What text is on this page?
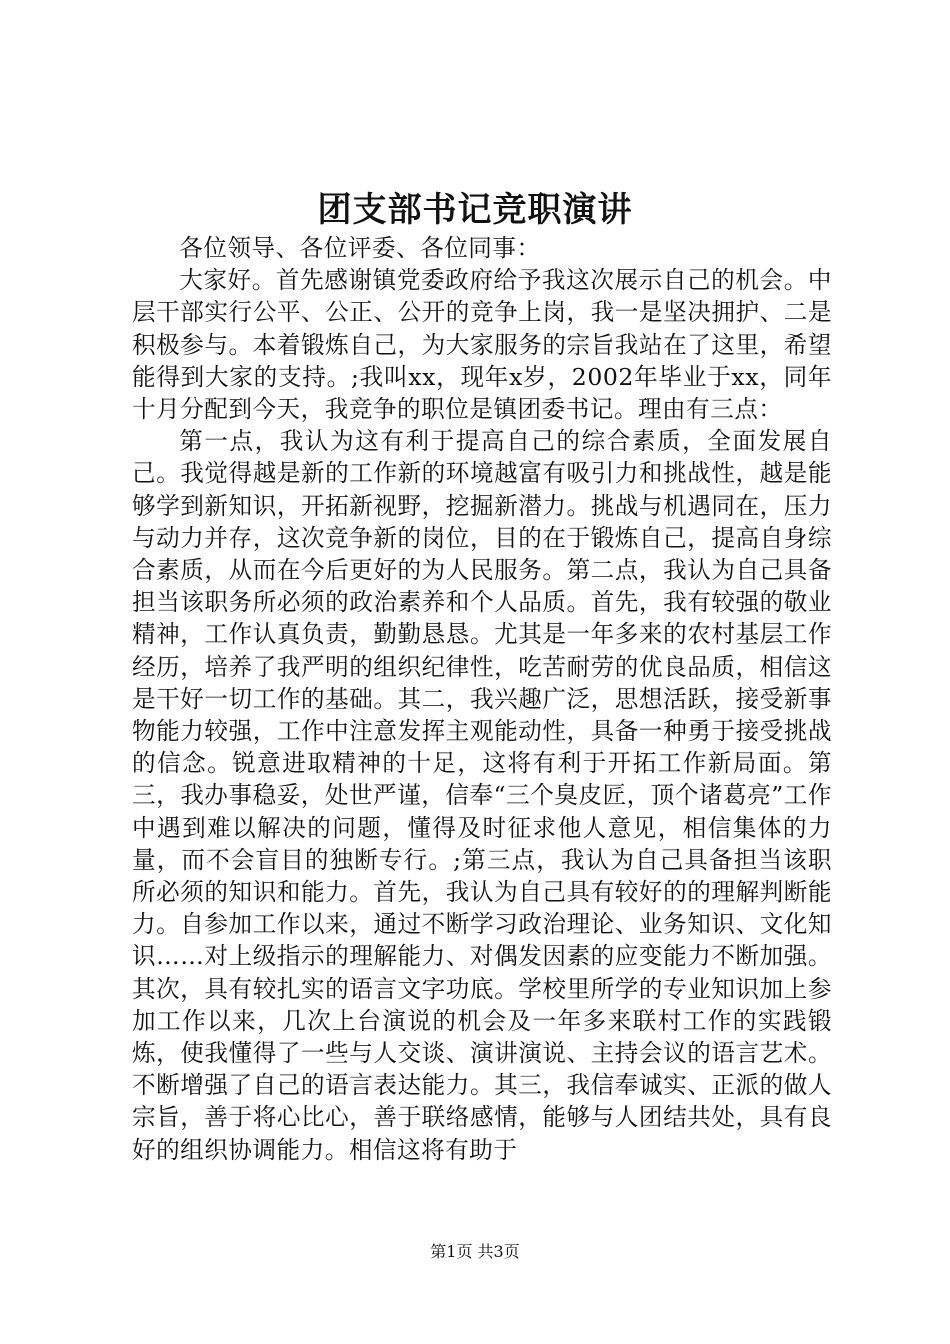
团支部书记竞职演讲

各位领导、各位评委、各位同事：

大家好。首先感谢镇党委政府给予我这次展示自己的机会。中层干部实行公平、公正、公开的竞争上岗，我一是坚决拥护、二是积极参与。本着锻炼自己，为大家服务的宗旨我站在了这里，希望能得到大家的支持。;我叫xx，现年x岁，2002年毕业于xx，同年十月分配到今天，我竞争的职位是镇团委书记。理由有三点：

第一点，我认为这有利于提高自己的综合素质，全面发展自己。我觉得越是新的工作新的环境越富有吸引力和挑战性，越是能够学到新知识，开拓新视野，挖掘新潜力。挑战与机遇同在，压力与动力并存，这次竞争新的岗位，目的在于锻炼自己，提高自身综合素质，从而在今后更好的为人民服务。第二点，我认为自己具备担当该职务所必须的政治素养和个人品质。首先，我有较强的敬业精神，工作认真负责，勤勤恳恳。尤其是一年多来的农村基层工作经历，培养了我严明的组织纪律性，吃苦耐劳的优良品质，相信这是干好一切工作的基础。其二，我兴趣广泛，思想活跃，接受新事物能力较强，工作中注意发挥主观能动性，具备一种勇于接受挑战的信念。锐意进取精神的十足，这将有利于开拓工作新局面。第三，我办事稳妥，处世严谨，信奉“三个臭皮匠，顶个诸葛亮”工作中遇到难以解决的问题，懂得及时征求他人意见，相信集体的力量，而不会盲目的独断专行。;第三点，我认为自己具备担当该职所必须的知识和能力。首先，我认为自己具有较好的的理解判断能力。自参加工作以来，通过不断学习政治理论、业务知识、文化知识……对上级指示的理解能力、对偶发因素的应变能力不断加强。其次，具有较扎实的语言文字功底。学校里所学的专业知识加上参加工作以来，几次上台演说的机会及一年多来联村工作的实践锻炼，使我懂得了一些与人交谈、演讲演说、主持会议的语言艺术。不断增强了自己的语言表达能力。其三，我信奉诚实、正派的做人宗旨，善于将心比心，善于联络感情，能够与人团结共处，具有良好的组织协调能力。相信这将有助于

第1页 共3页
